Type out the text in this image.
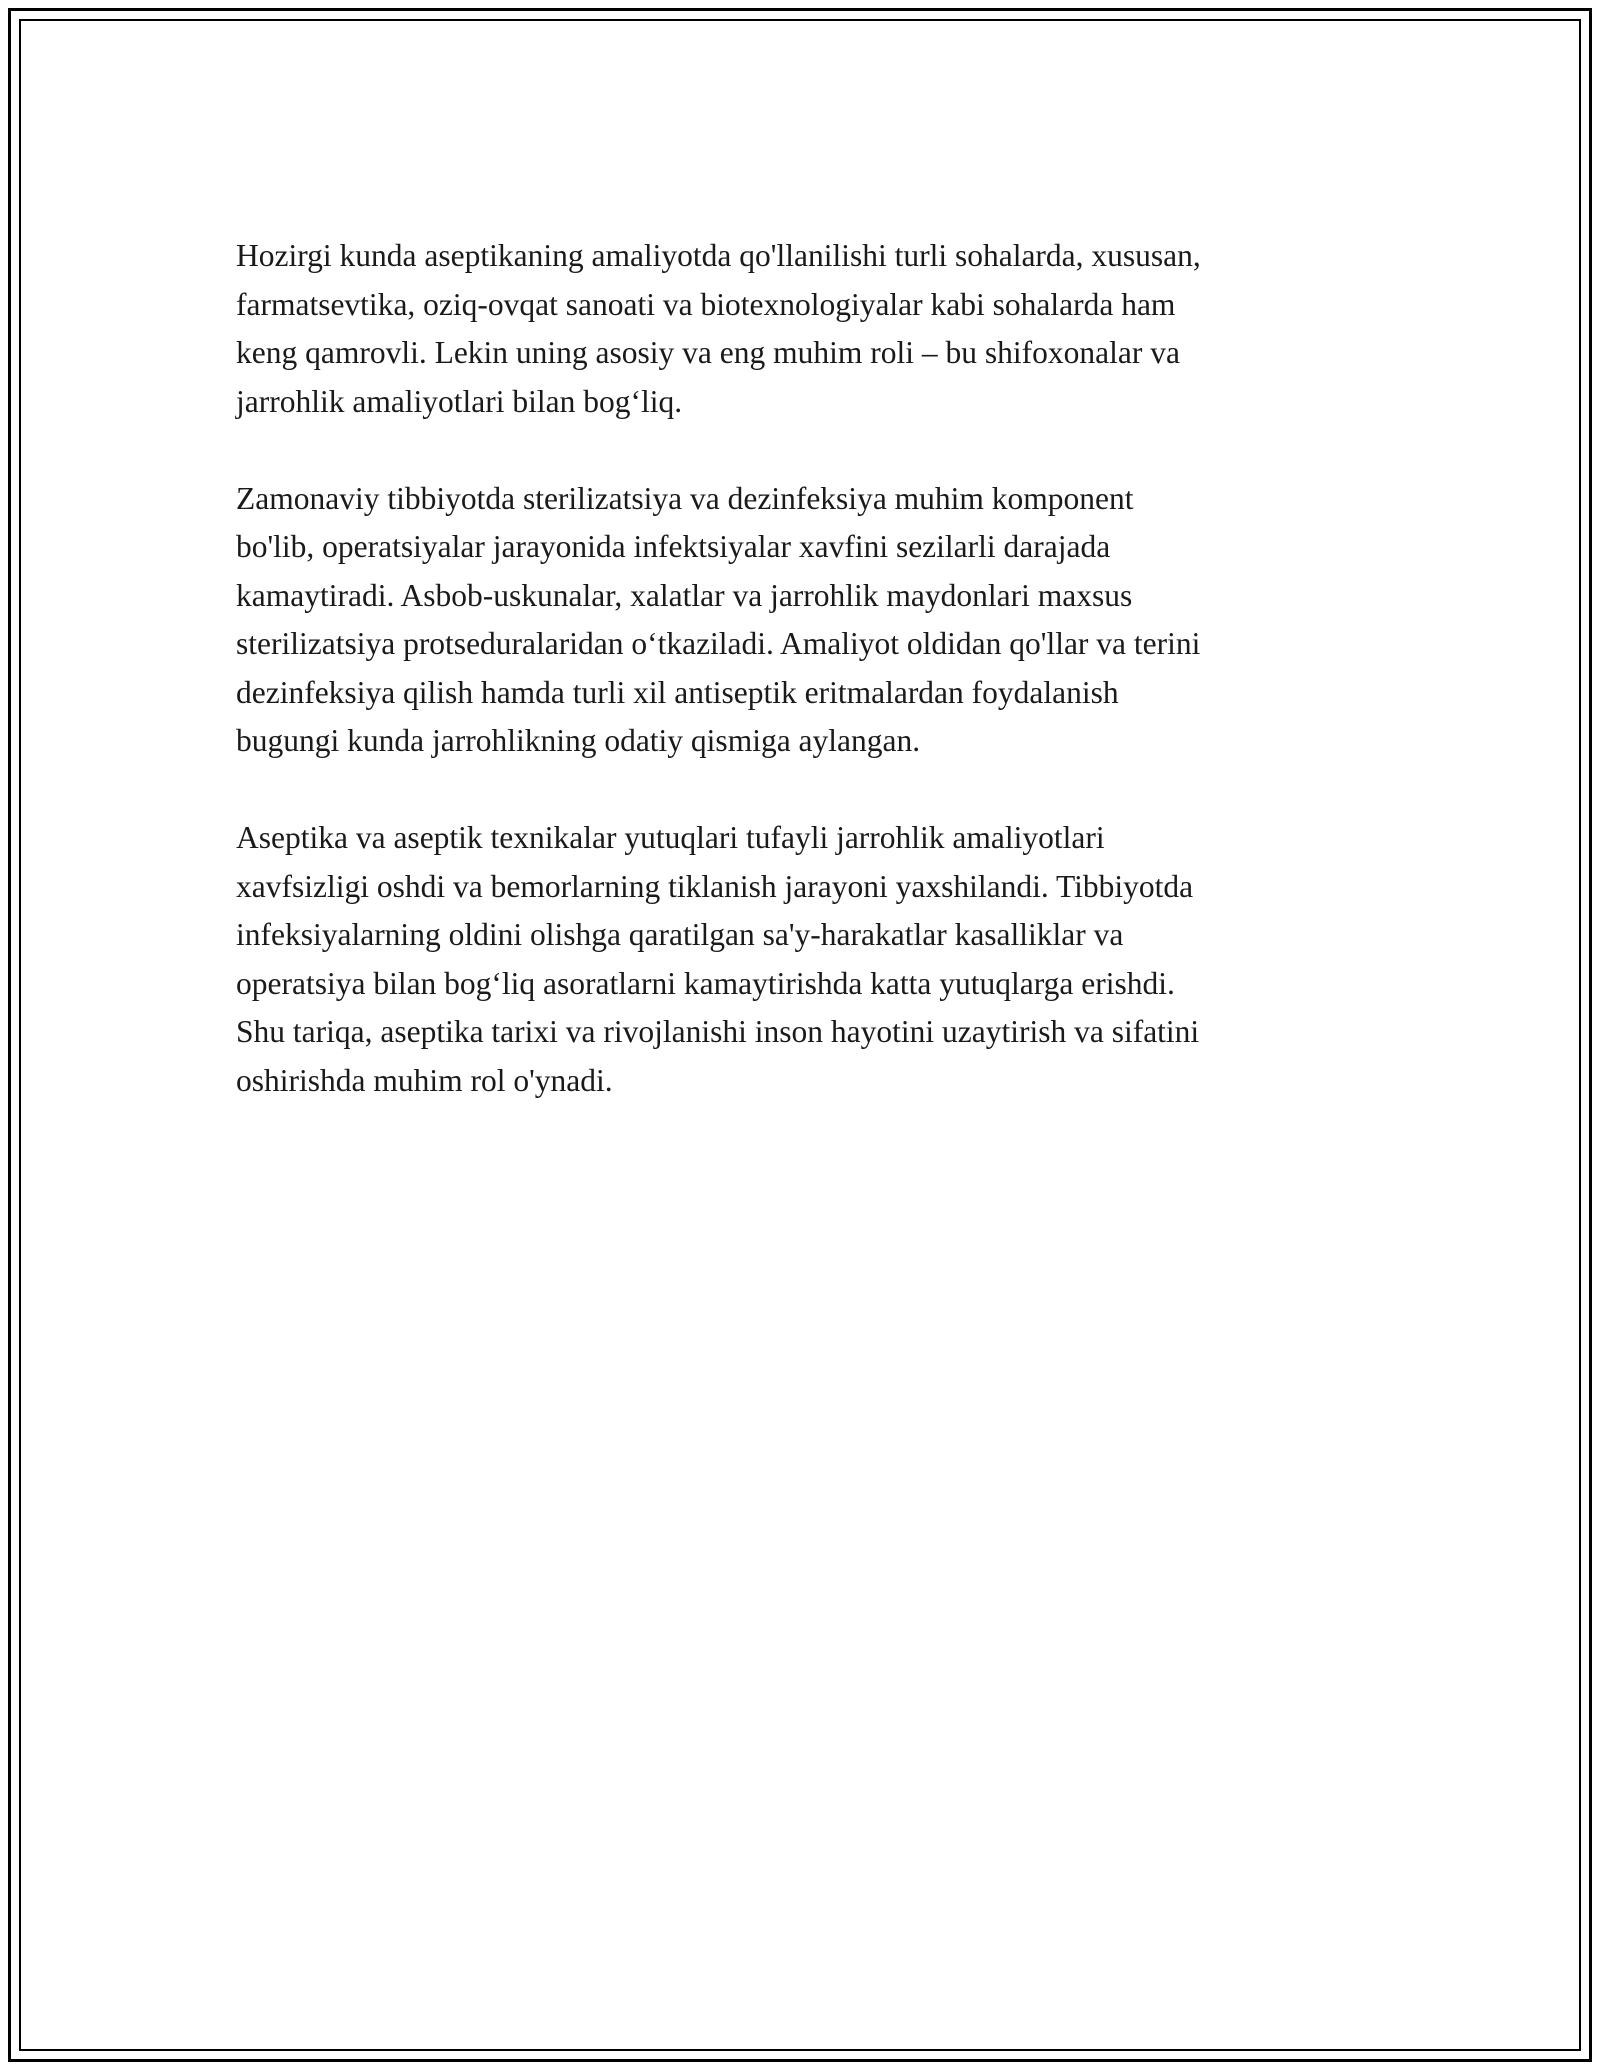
Hozirgi kunda aseptikaning amaliyotda qo'llanilishi turli sohalarda, xususan,
farmatsevtika, oziq-ovqat sanoati va biotexnologiyalar kabi sohalarda ham
keng qamrovli. Lekin uning asosiy va eng muhim roli – bu shifoxonalar va
jarrohlik amaliyotlari bilan bog‘liq.

Zamonaviy tibbiyotda sterilizatsiya va dezinfeksiya muhim komponent
bo'lib, operatsiyalar jarayonida infektsiyalar xavfini sezilarli darajada
kamaytiradi. Asbob-uskunalar, xalatlar va jarrohlik maydonlari maxsus
sterilizatsiya protseduralaridan o‘tkaziladi. Amaliyot oldidan qo'llar va terini
dezinfeksiya qilish hamda turli xil antiseptik eritmalardan foydalanish
bugungi kunda jarrohlikning odatiy qismiga aylangan.

Aseptika va aseptik texnikalar yutuqlari tufayli jarrohlik amaliyotlari
xavfsizligi oshdi va bemorlarning tiklanish jarayoni yaxshilandi. Tibbiyotda
infeksiyalarning oldini olishga qaratilgan sa'y-harakatlar kasalliklar va
operatsiya bilan bog‘liq asoratlarni kamaytirishda katta yutuqlarga erishdi.
Shu tariqa, aseptika tarixi va rivojlanishi inson hayotini uzaytirish va sifatini
oshirishda muhim rol o'ynadi.
